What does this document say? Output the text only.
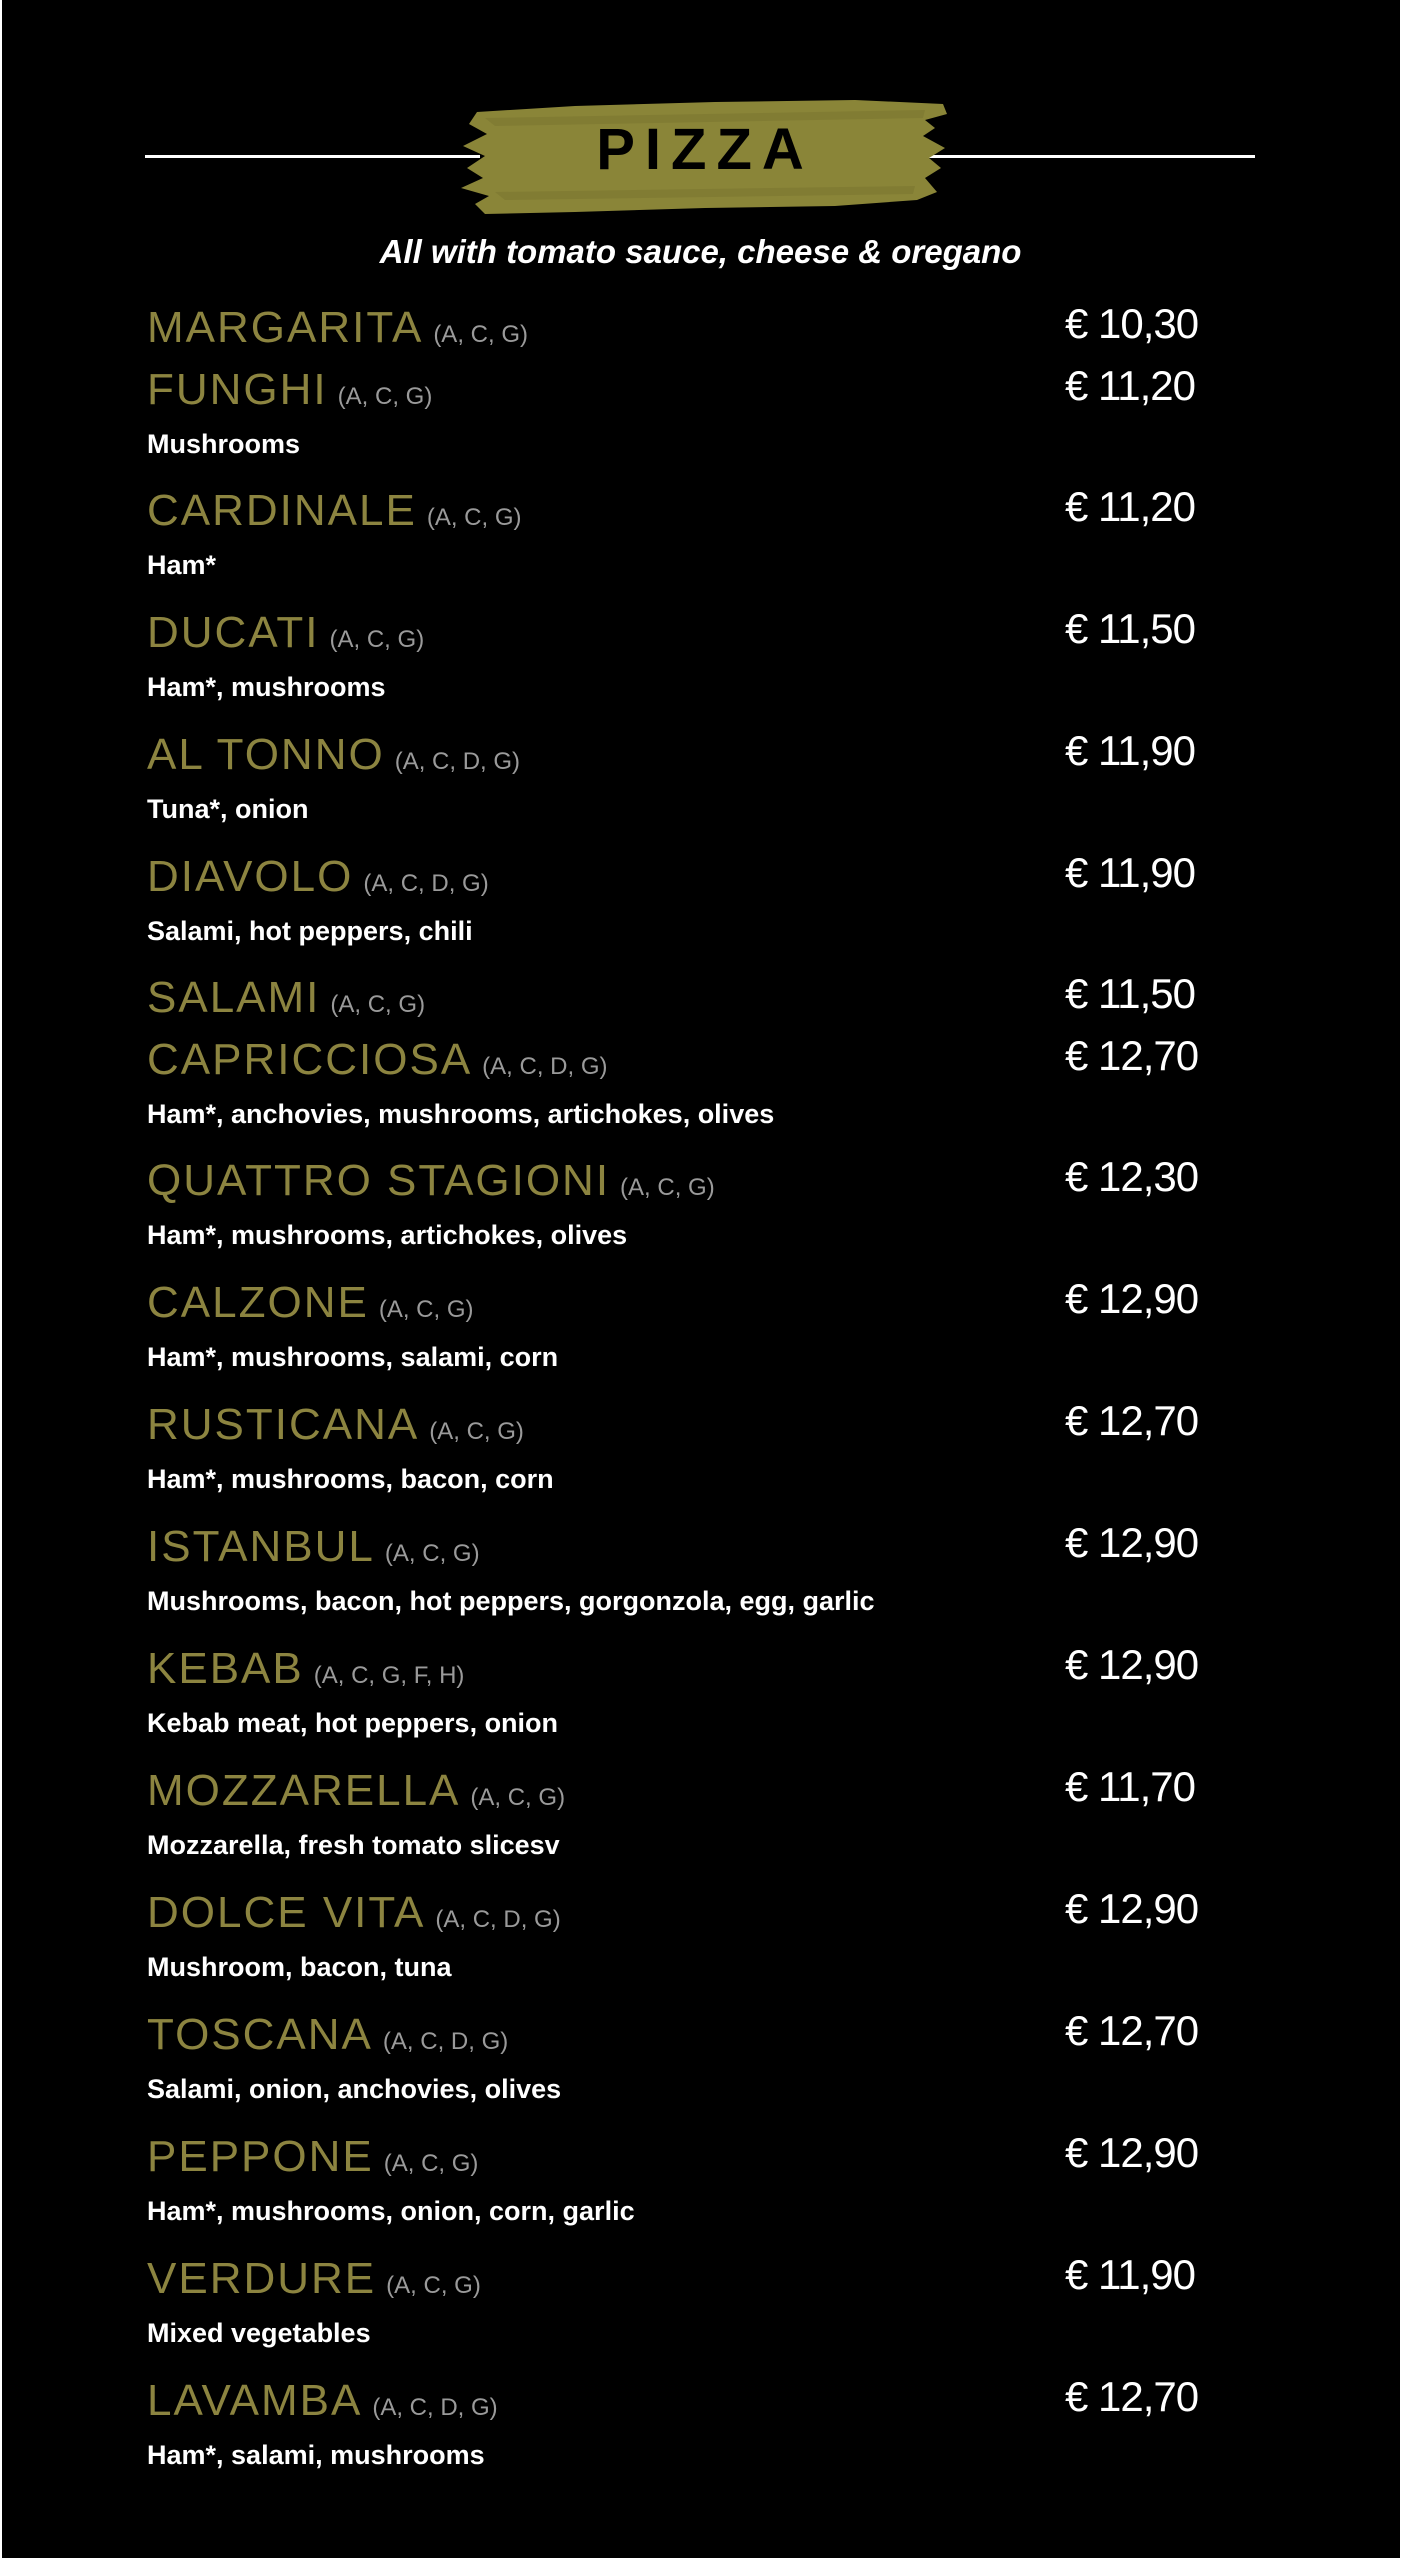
PIZZA
All with tomato sauce, cheese & oregano
MARGARITA (A, C, G)	€ 10,30
FUNGHI (A, C, G)	€ 11,20
Mushrooms
CARDINALE (A, C, G)	€ 11,20
Ham*
DUCATI (A, C, G)	€ 11,50
Ham*, mushrooms
AL TONNO (A, C, D, G)	€ 11,90
Tuna*, onion
DIAVOLO (A, C, D, G)	€ 11,90
Salami, hot peppers, chili
SALAMI (A, C, G)	€ 11,50
CAPRICCIOSA (A, C, D, G)	€ 12,70
Ham*, anchovies, mushrooms, artichokes, olives
QUATTRO STAGIONI (A, C, G)	€ 12,30
Ham*, mushrooms, artichokes, olives
CALZONE (A, C, G)	€ 12,90
Ham*, mushrooms, salami, corn
RUSTICANA (A, C, G)	€ 12,70
Ham*, mushrooms, bacon, corn
ISTANBUL (A, C, G)	€ 12,90
Mushrooms, bacon, hot peppers, gorgonzola, egg, garlic
KEBAB (A, C, G, F, H)	€ 12,90
Kebab meat, hot peppers, onion
MOZZARELLA (A, C, G)	€ 11,70
Mozzarella, fresh tomato slicesv
DOLCE VITA (A, C, D, G)	€ 12,90
Mushroom, bacon, tuna
TOSCANA (A, C, D, G)	€ 12,70
Salami, onion, anchovies, olives
PEPPONE (A, C, G)	€ 12,90
Ham*, mushrooms, onion, corn, garlic
VERDURE (A, C, G)	€ 11,90
Mixed vegetables
LAVAMBA (A, C, D, G)	€ 12,70
Ham*, salami, mushrooms
